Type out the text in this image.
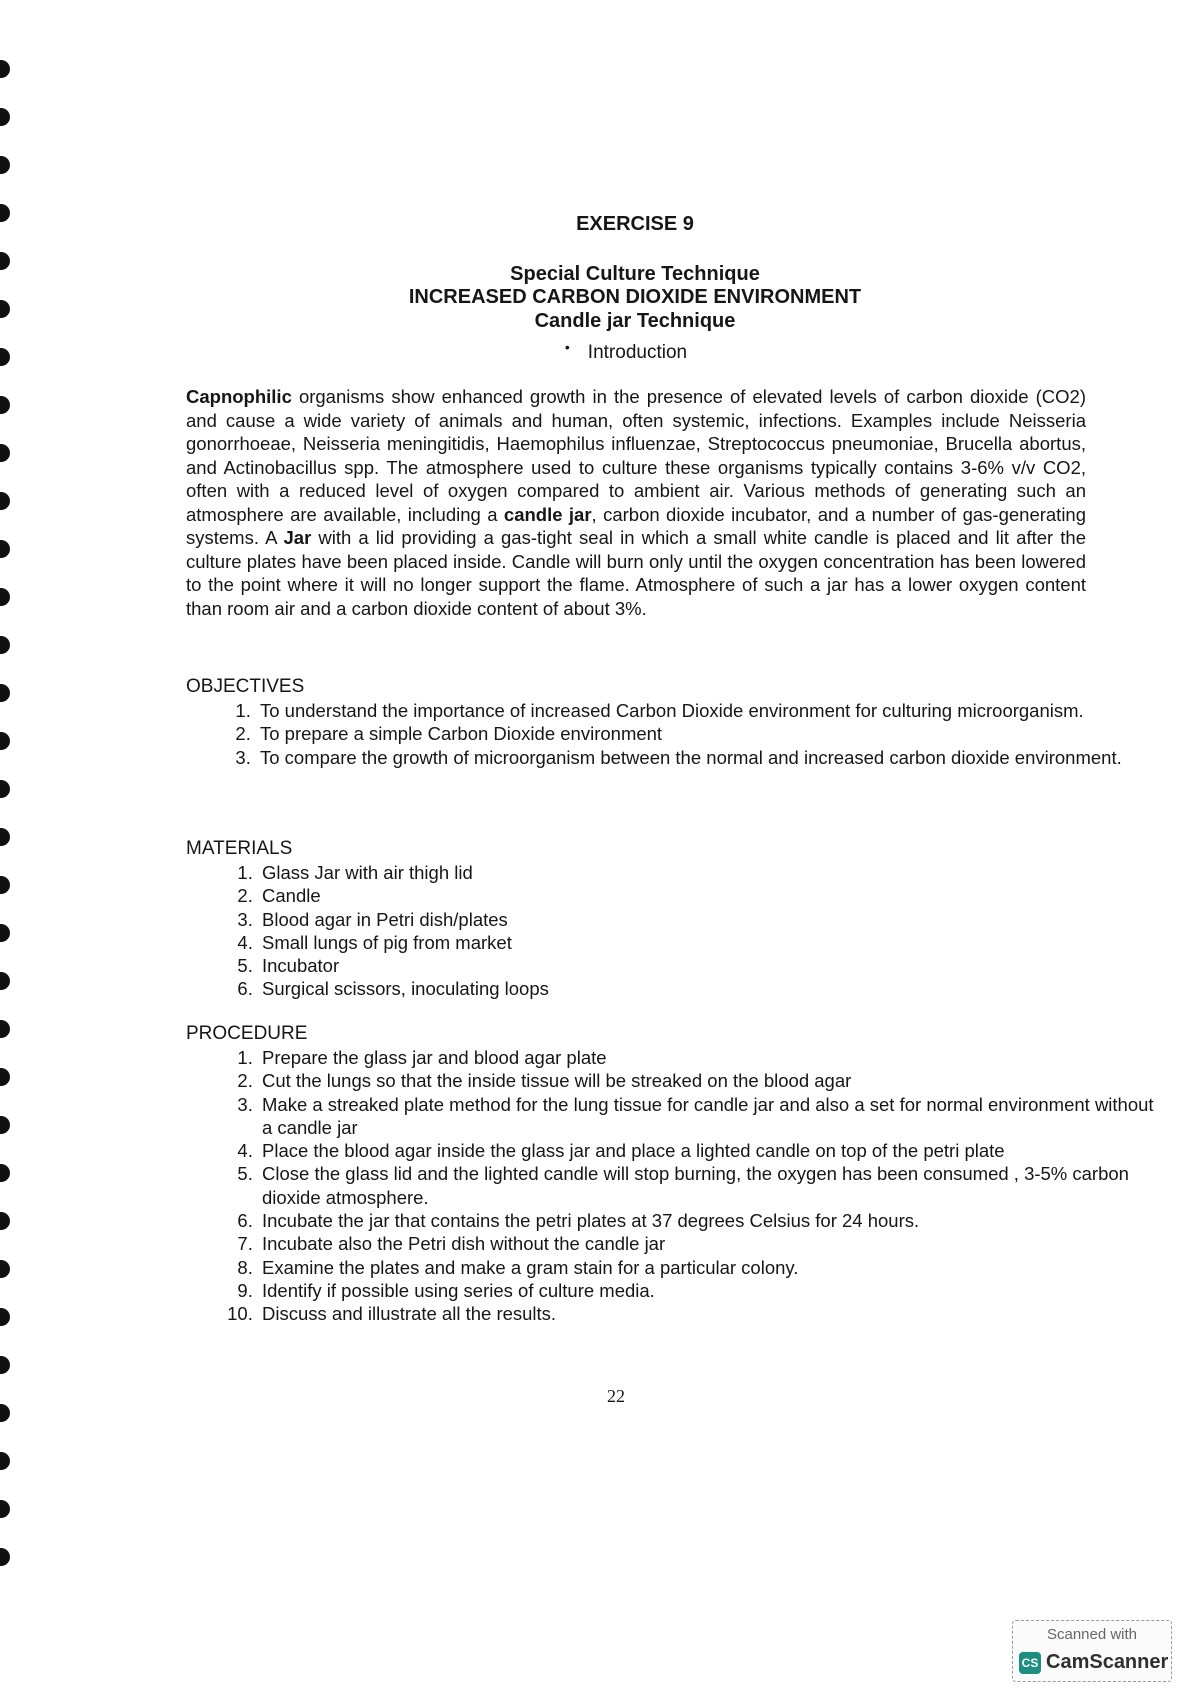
EXERCISE 9

Special Culture Technique

INCREASED CARBON DIOXIDE ENVIRONMENT

Candle jar Technique

• Introduction

Capnophilic organisms show enhanced growth in the presence of elevated levels of carbon dioxide (CO2) and cause a wide variety of animals and human, often systemic, infections. Examples include Neisseria gonorrhoeae, Neisseria meningitidis, Haemophilus influenzae, Streptococcus pneumoniae, Brucella abortus, and Actinobacillus spp. The atmosphere used to culture these organisms typically contains 3-6% v/v CO2, often with a reduced level of oxygen compared to ambient air. Various methods of generating such an atmosphere are available, including a candle jar, carbon dioxide incubator, and a number of gas-generating systems. A Jar with a lid providing a gas-tight seal in which a small white candle is placed and lit after the culture plates have been placed inside. Candle will burn only until the oxygen concentration has been lowered to the point where it will no longer support the flame. Atmosphere of such a jar has a lower oxygen content than room air and a carbon dioxide content of about 3%.

OBJECTIVES

1. To understand the importance of increased Carbon Dioxide environment for culturing microorganism.
2. To prepare a simple Carbon Dioxide environment
3. To compare the growth of microorganism between the normal and increased carbon dioxide environment.

MATERIALS

1. Glass Jar with air thigh lid
2. Candle
3. Blood agar in Petri dish/plates
4. Small lungs of pig from market
5. Incubator
6. Surgical scissors, inoculating loops

PROCEDURE

1. Prepare the glass jar and blood agar plate
2. Cut the lungs so that the inside tissue will be streaked on the blood agar
3. Make a streaked plate method for the lung tissue for candle jar and also a set for normal environment without a candle jar
4. Place the blood agar inside the glass jar and place a lighted candle on top of the petri plate
5. Close the glass lid and the lighted candle will stop burning, the oxygen has been consumed , 3-5% carbon dioxide atmosphere.
6. Incubate the jar that contains the petri plates at 37 degrees Celsius for 24 hours.
7. Incubate also the Petri dish without the candle jar
8. Examine the plates and make a gram stain for a particular colony.
9. Identify if possible using series of culture media.
10. Discuss and illustrate all the results.

22

Scanned with
CS CamScanner
